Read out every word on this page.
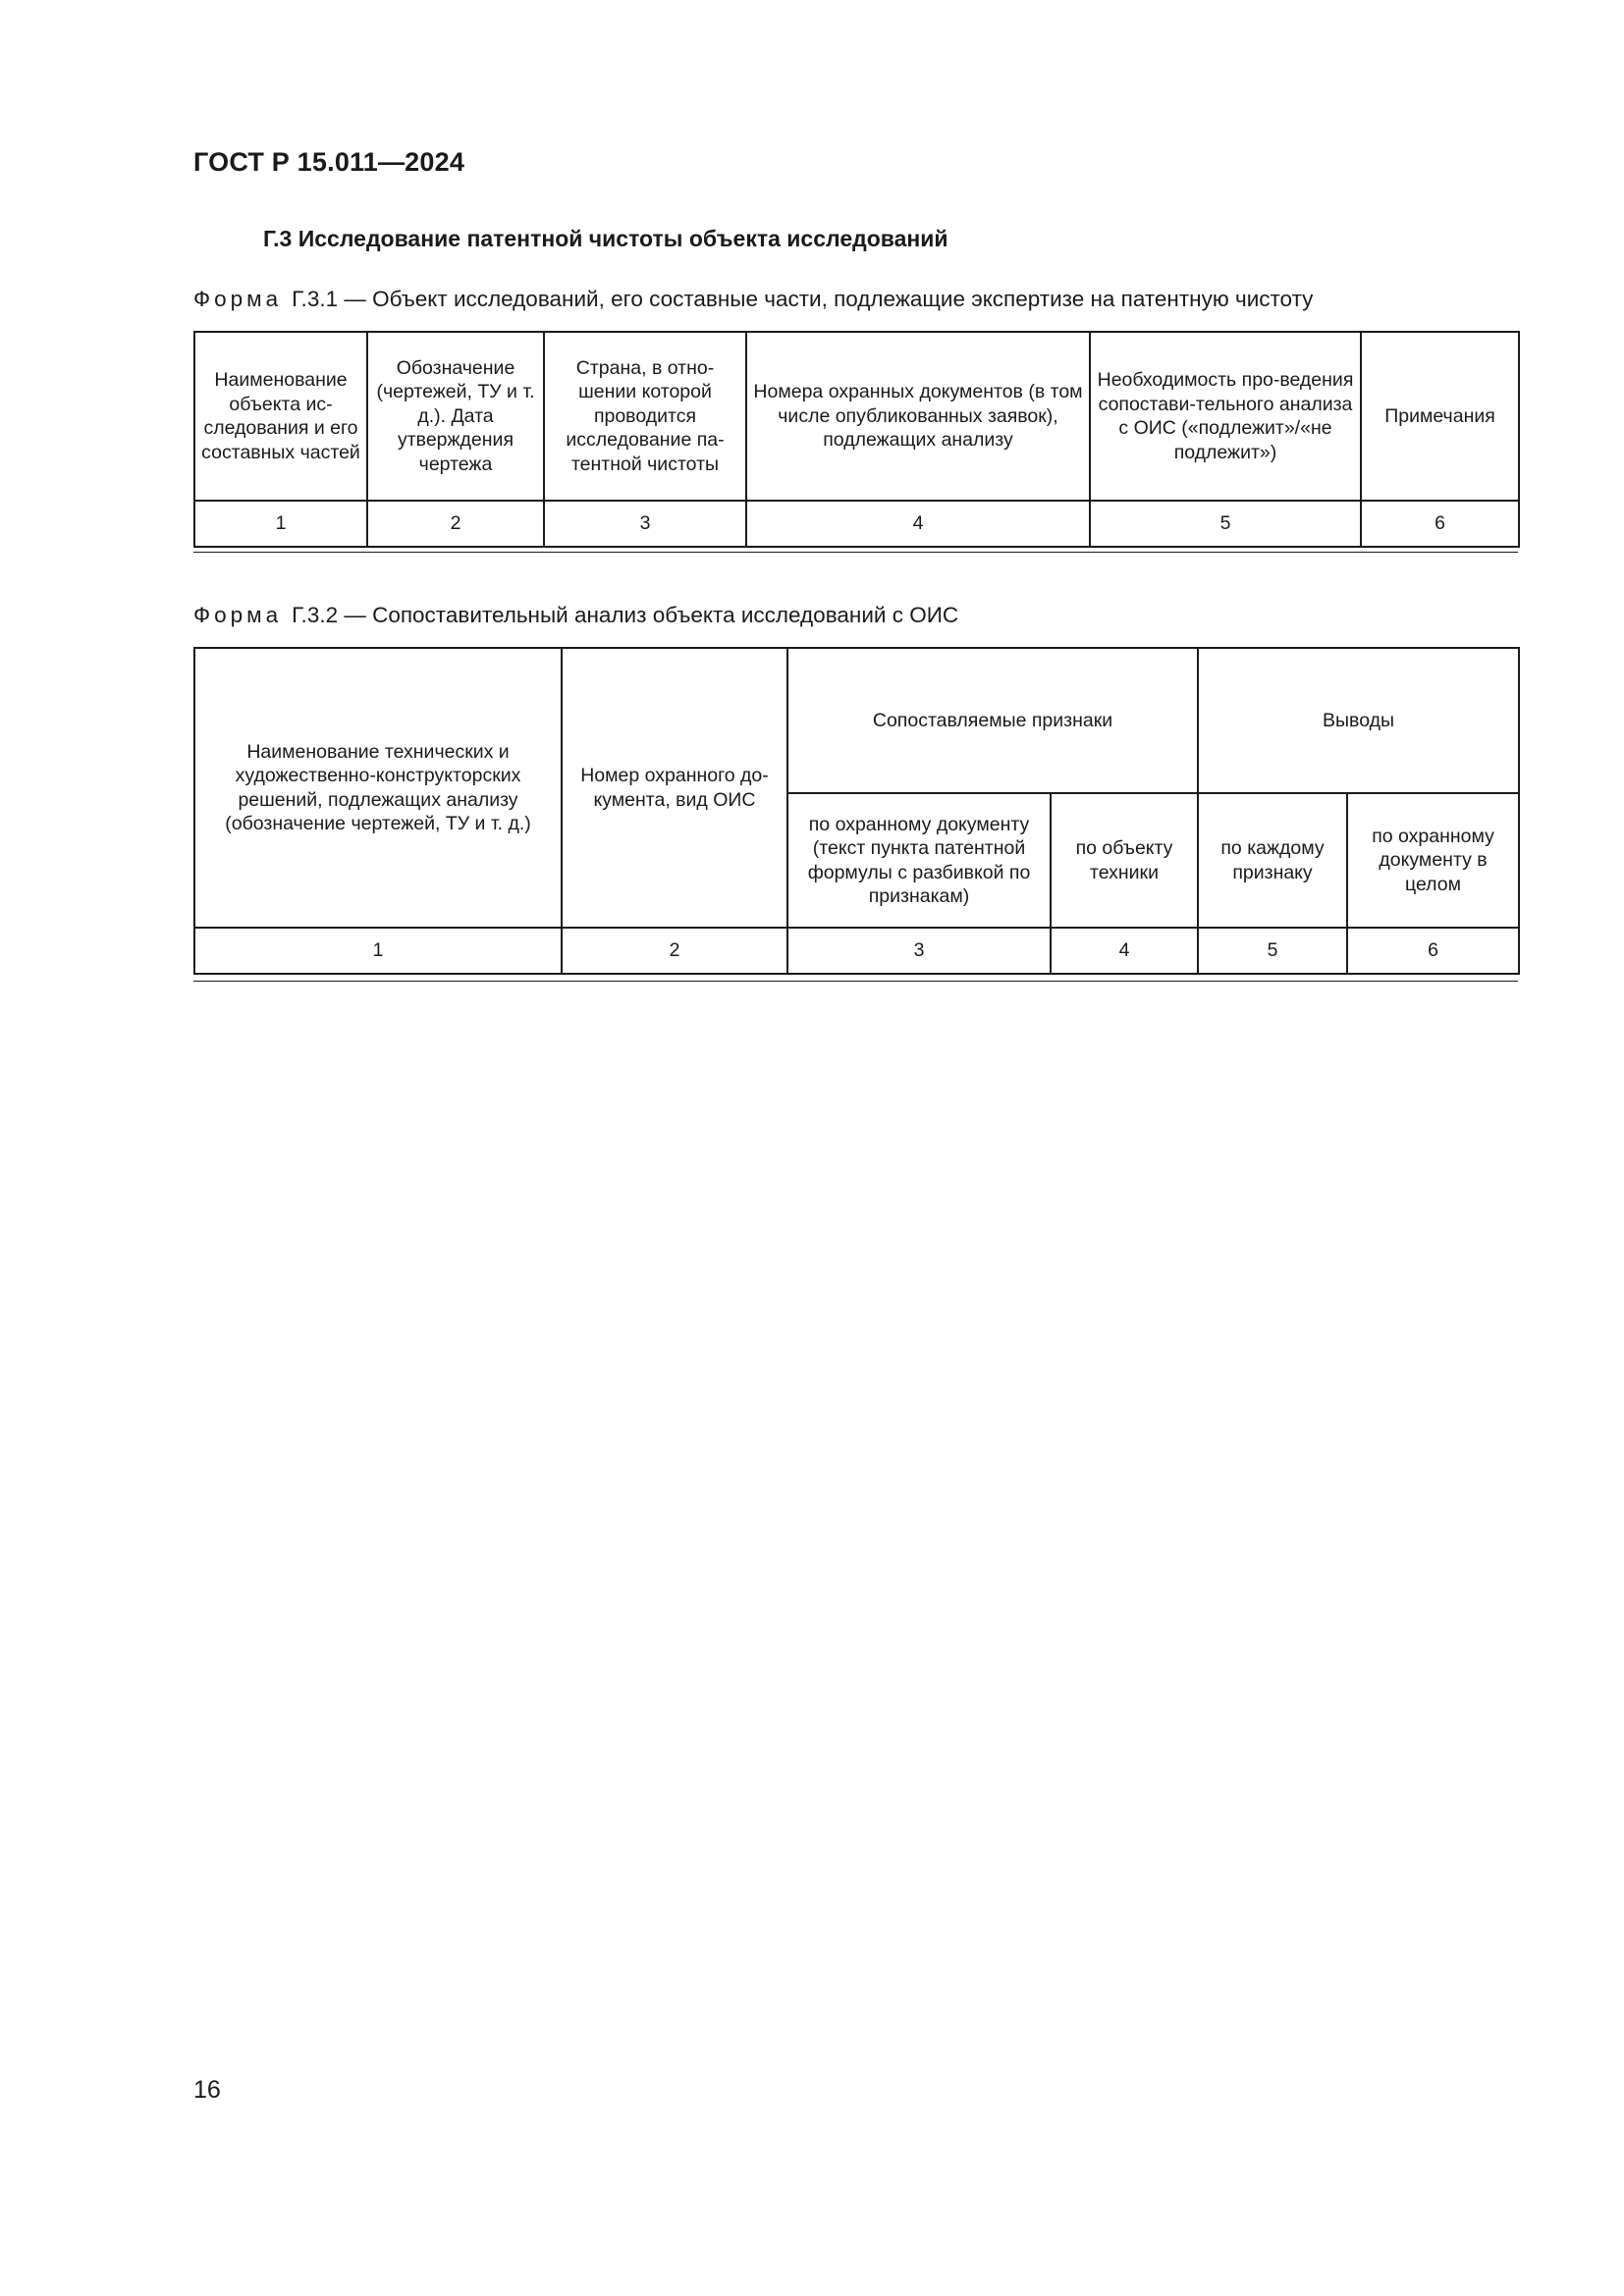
ГОСТ Р 15.011—2024
Г.3 Исследование патентной чистоты объекта исследований
Форма Г.3.1 — Объект исследований, его составные части, подлежащие экспертизе на патентную чистоту
Наименование объекта ис-следования и его составных частей	Обозначение (чертежей, ТУ и т. д.). Дата утверждения чертежа	Страна, в отно-шении которой проводится исследование па-тентной чистоты	Номера охранных документов (в том числе опубликованных заявок), подлежащих анализу	Необходимость про-ведения сопостави-тельного анализа с ОИС («подлежит»/«не подлежит»)	Примечания
1	2	3	4	5	6
Форма Г.3.2 — Сопоставительный анализ объекта исследований с ОИС
Наименование технических и художественно-конструкторских решений, подлежащих анализу (обозначение чертежей, ТУ и т. д.)	Номер охранного до-кумента, вид ОИС	Сопоставляемые признаки		Выводы	
		по охранному документу (текст пункта патентной формулы с разбивкой по признакам)	по объекту техники	по каждому признаку	по охранному документу в целом
1	2	3	4	5	6
16
